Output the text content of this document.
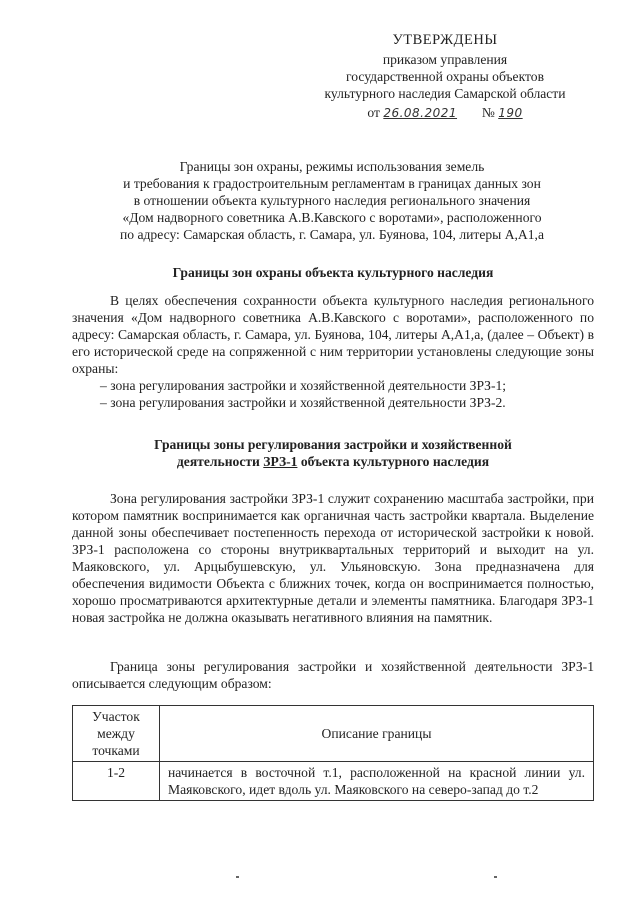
УТВЕРЖДЕНЫ
приказом управления
государственной охраны объектов
культурного наследия Самарской области
от 26.08.2021 № 190
Границы зон охраны, режимы использования земель
и требования к градостроительным регламентам в границах данных зон
в отношении объекта культурного наследия регионального значения
«Дом надворного советника А.В.Кавского с воротами», расположенного
по адресу: Самарская область, г. Самара, ул. Буянова, 104, литеры А,А1,а
Границы зон охраны объекта культурного наследия
В целях обеспечения сохранности объекта культурного наследия регионального значения «Дом надворного советника А.В.Кавского с воротами», расположенного по адресу: Самарская область, г. Самара, ул. Буянова, 104, литеры А,А1,а, (далее – Объект) в его исторической среде на сопряженной с ним территории установлены следующие зоны охраны:
– зона регулирования застройки и хозяйственной деятельности ЗРЗ-1;
– зона регулирования застройки и хозяйственной деятельности ЗРЗ-2.
Границы зоны регулирования застройки и хозяйственной
деятельности ЗРЗ-1 объекта культурного наследия
Зона регулирования застройки ЗРЗ-1 служит сохранению масштаба застройки, при котором памятник воспринимается как органичная часть застройки квартала. Выделение данной зоны обеспечивает постепенность перехода от исторической застройки к новой. ЗРЗ-1 расположена со стороны внутриквартальных территорий и выходит на ул. Маяковского, ул. Арцыбушевскую, ул. Ульяновскую. Зона предназначена для обеспечения видимости Объекта с ближних точек, когда он воспринимается полностью, хорошо просматриваются архитектурные детали и элементы памятника. Благодаря ЗРЗ-1 новая застройка не должна оказывать негативного влияния на памятник.
Граница зоны регулирования застройки и хозяйственной деятельности ЗРЗ-1 описывается следующим образом:
Участок между точками	Описание границы
1-2	начинается в восточной т.1, расположенной на красной линии ул. Маяковского, идет вдоль ул. Маяковского на северо-запад до т.2
